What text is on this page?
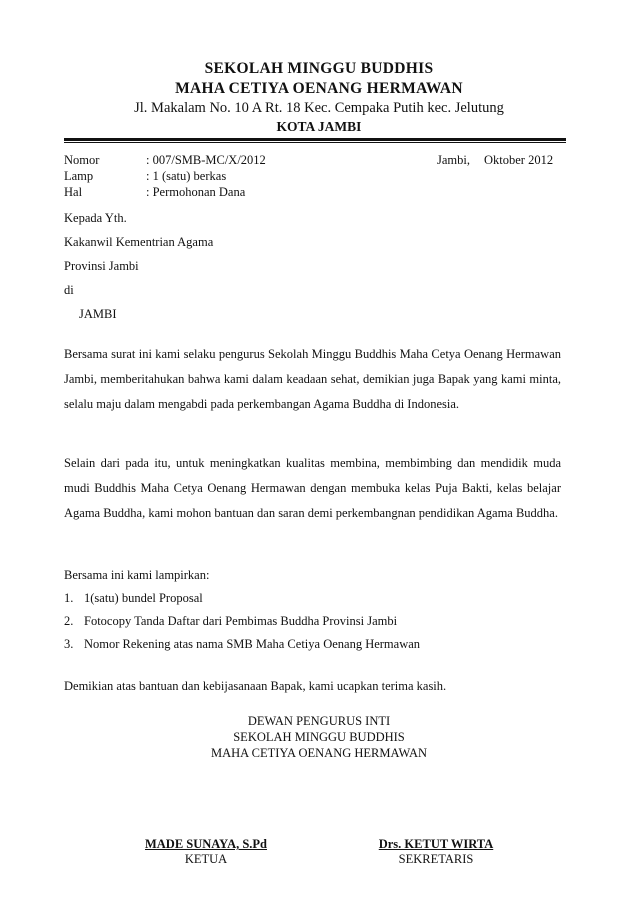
SEKOLAH MINGGU BUDDHIS
MAHA CETIYA OENANG HERMAWAN
Jl. Makalam No. 10 A Rt. 18 Kec. Cempaka Putih kec. Jelutung
KOTA JAMBI
Nomor	: 007/SMB-MC/X/2012
Lamp	: 1 (satu) berkas
Hal	: Permohonan Dana
Jambi, Oktober 2012
Kepada Yth.
Kakanwil Kementrian Agama
Provinsi Jambi
di
JAMBI
Bersama surat ini kami selaku pengurus Sekolah Minggu Buddhis Maha Cetya Oenang Hermawan Jambi, memberitahukan bahwa kami dalam keadaan sehat, demikian juga Bapak yang kami minta, selalu maju dalam mengabdi pada perkembangan Agama Buddha di Indonesia.
Selain dari pada itu, untuk meningkatkan kualitas membina, membimbing dan mendidik muda mudi Buddhis Maha Cetya Oenang Hermawan dengan membuka kelas Puja Bakti, kelas belajar Agama Buddha, kami mohon bantuan dan saran demi perkembangnan pendidikan Agama Buddha.
Bersama ini kami lampirkan:
1. 1(satu) bundel Proposal
2. Fotocopy Tanda Daftar dari Pembimas Buddha Provinsi Jambi
3. Nomor Rekening atas nama SMB Maha Cetiya Oenang Hermawan
Demikian atas bantuan dan kebijasanaan Bapak, kami ucapkan terima kasih.
DEWAN PENGURUS INTI
SEKOLAH MINGGU BUDDHIS
MAHA CETIYA OENANG HERMAWAN
MADE SUNAYA, S.Pd
KETUA
Drs. KETUT WIRTA
SEKRETARIS
